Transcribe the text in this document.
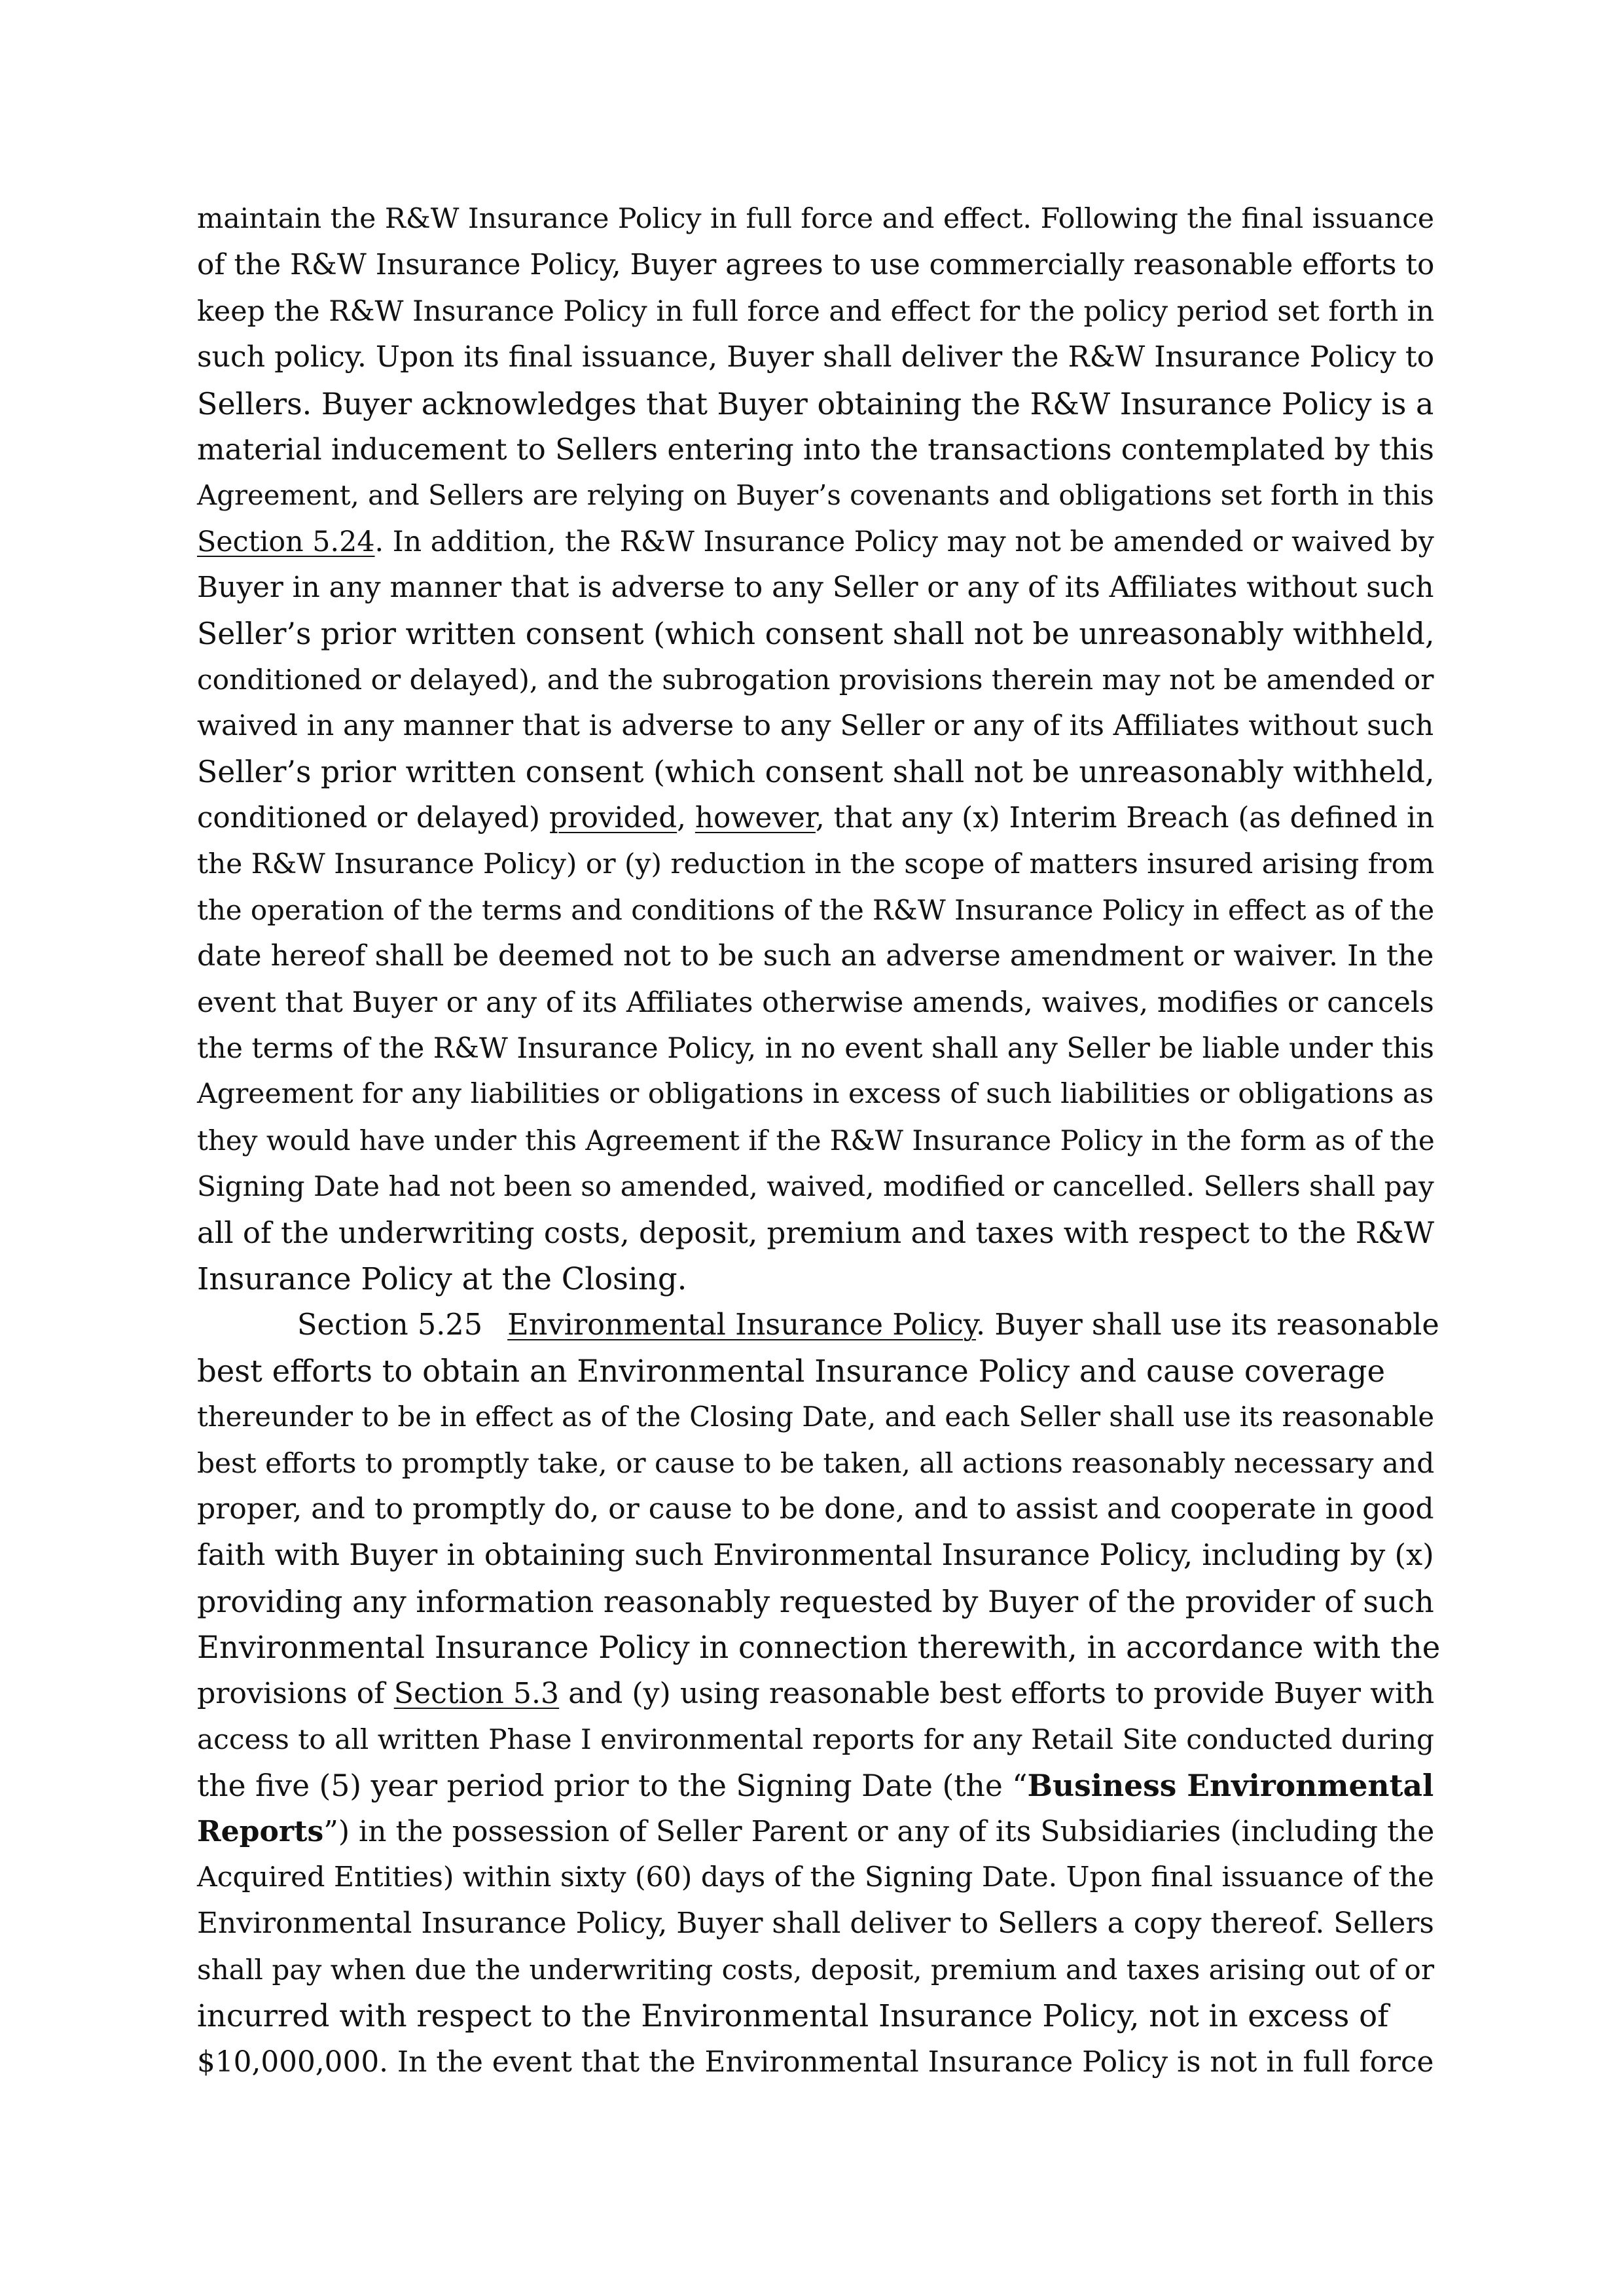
maintain the R&W Insurance Policy in full force and effect. Following the final issuance
of the R&W Insurance Policy, Buyer agrees to use commercially reasonable efforts to
keep the R&W Insurance Policy in full force and effect for the policy period set forth in
such policy. Upon its final issuance, Buyer shall deliver the R&W Insurance Policy to
Sellers. Buyer acknowledges that Buyer obtaining the R&W Insurance Policy is a
material inducement to Sellers entering into the transactions contemplated by this
Agreement, and Sellers are relying on Buyer’s covenants and obligations set forth in this
Section 5.24. In addition, the R&W Insurance Policy may not be amended or waived by
Buyer in any manner that is adverse to any Seller or any of its Affiliates without such
Seller’s prior written consent (which consent shall not be unreasonably withheld,
conditioned or delayed), and the subrogation provisions therein may not be amended or
waived in any manner that is adverse to any Seller or any of its Affiliates without such
Seller’s prior written consent (which consent shall not be unreasonably withheld,
conditioned or delayed) provided, however, that any (x) Interim Breach (as defined in
the R&W Insurance Policy) or (y) reduction in the scope of matters insured arising from
the operation of the terms and conditions of the R&W Insurance Policy in effect as of the
date hereof shall be deemed not to be such an adverse amendment or waiver. In the
event that Buyer or any of its Affiliates otherwise amends, waives, modifies or cancels
the terms of the R&W Insurance Policy, in no event shall any Seller be liable under this
Agreement for any liabilities or obligations in excess of such liabilities or obligations as
they would have under this Agreement if the R&W Insurance Policy in the form as of the
Signing Date had not been so amended, waived, modified or cancelled. Sellers shall pay
all of the underwriting costs, deposit, premium and taxes with respect to the R&W
Insurance Policy at the Closing.
Section 5.25 Environmental Insurance Policy. Buyer shall use its reasonable
best efforts to obtain an Environmental Insurance Policy and cause coverage
thereunder to be in effect as of the Closing Date, and each Seller shall use its reasonable
best efforts to promptly take, or cause to be taken, all actions reasonably necessary and
proper, and to promptly do, or cause to be done, and to assist and cooperate in good
faith with Buyer in obtaining such Environmental Insurance Policy, including by (x)
providing any information reasonably requested by Buyer of the provider of such
Environmental Insurance Policy in connection therewith, in accordance with the
provisions of Section 5.3 and (y) using reasonable best efforts to provide Buyer with
access to all written Phase I environmental reports for any Retail Site conducted during
the five (5) year period prior to the Signing Date (the “Business Environmental
Reports”) in the possession of Seller Parent or any of its Subsidiaries (including the
Acquired Entities) within sixty (60) days of the Signing Date. Upon final issuance of the
Environmental Insurance Policy, Buyer shall deliver to Sellers a copy thereof. Sellers
shall pay when due the underwriting costs, deposit, premium and taxes arising out of or
incurred with respect to the Environmental Insurance Policy, not in excess of
$10,000,000. In the event that the Environmental Insurance Policy is not in full force
